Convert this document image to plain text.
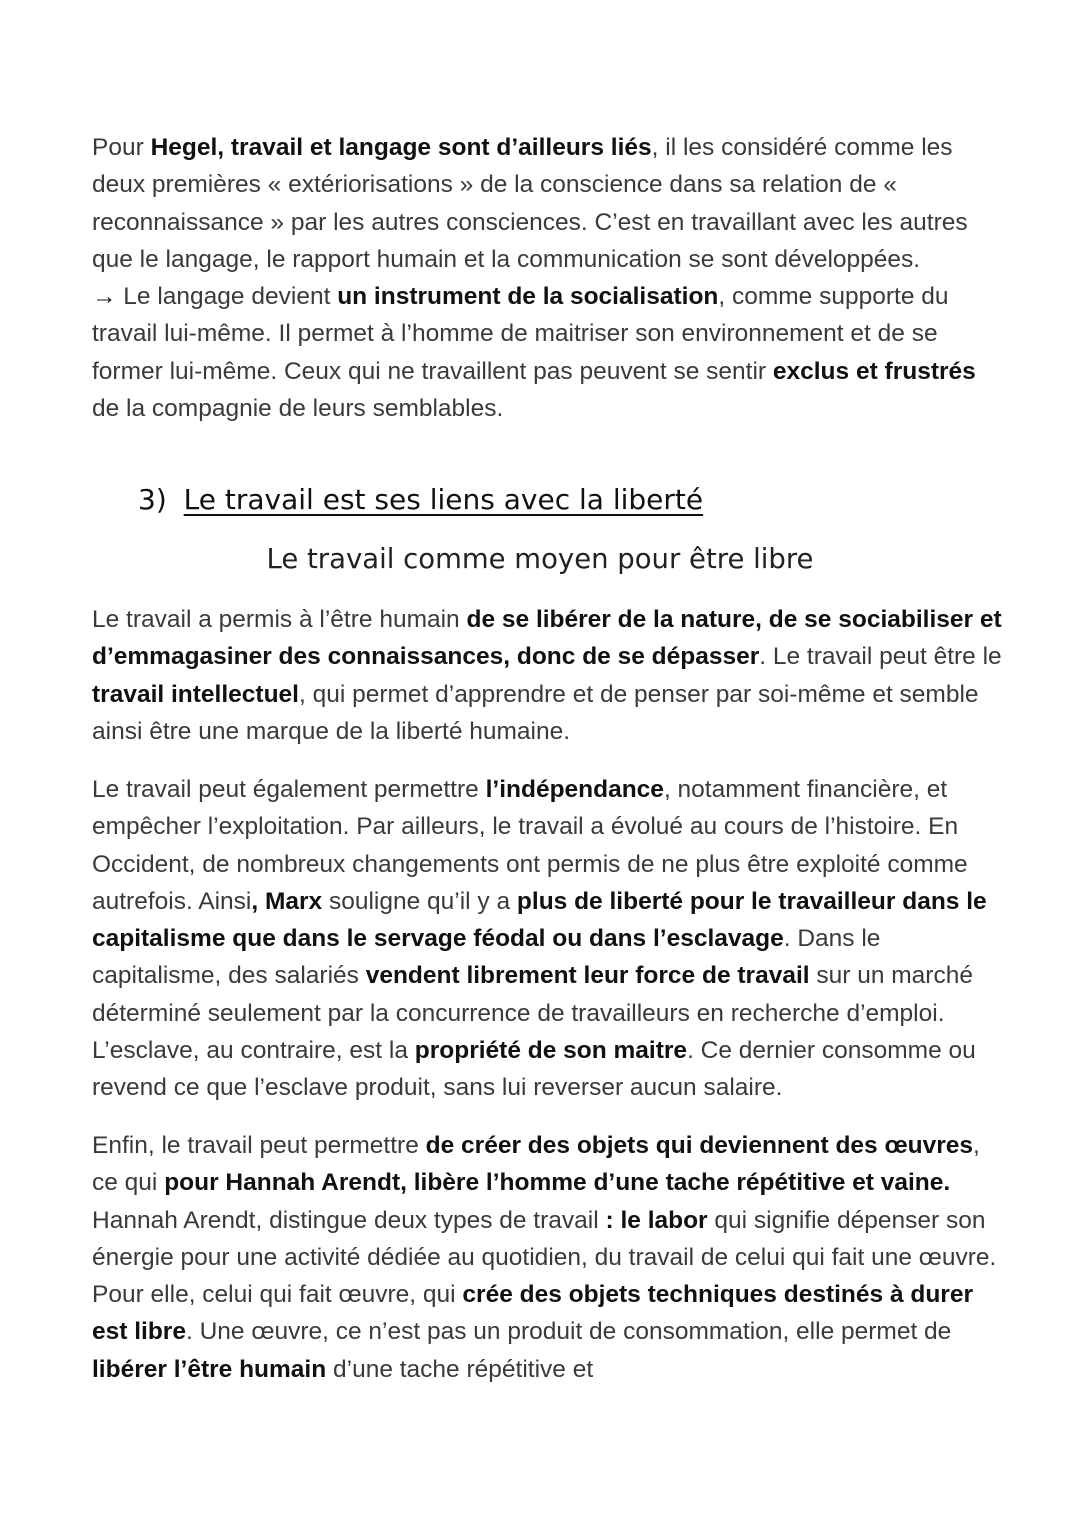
Pour Hegel, travail et langage sont d’ailleurs liés, il les considéré comme les deux premières « extériorisations » de la conscience dans sa relation de « reconnaissance » par les autres consciences. C’est en travaillant avec les autres que le langage, le rapport humain et la communication se sont développées.
→ Le langage devient un instrument de la socialisation, comme supporte du travail lui-même. Il permet à l’homme de maitriser son environnement et de se former lui-même. Ceux qui ne travaillent pas peuvent se sentir exclus et frustrés de la compagnie de leurs semblables.
3) Le travail est ses liens avec la liberté
Le travail comme moyen pour être libre
Le travail a permis à l’être humain de se libérer de la nature, de se sociabiliser et d’emmagasiner des connaissances, donc de se dépasser. Le travail peut être le travail intellectuel, qui permet d’apprendre et de penser par soi-même et semble ainsi être une marque de la liberté humaine.
Le travail peut également permettre l’indépendance, notamment financière, et empêcher l’exploitation. Par ailleurs, le travail a évolué au cours de l’histoire. En Occident, de nombreux changements ont permis de ne plus être exploité comme autrefois. Ainsi, Marx souligne qu’il y a plus de liberté pour le travailleur dans le capitalisme que dans le servage féodal ou dans l’esclavage. Dans le capitalisme, des salariés vendent librement leur force de travail sur un marché déterminé seulement par la concurrence de travailleurs en recherche d’emploi. L’esclave, au contraire, est la propriété de son maitre. Ce dernier consomme ou revend ce que l’esclave produit, sans lui reverser aucun salaire.
Enfin, le travail peut permettre de créer des objets qui deviennent des œuvres, ce qui pour Hannah Arendt, libère l’homme d’une tache répétitive et vaine. Hannah Arendt, distingue deux types de travail : le labor qui signifie dépenser son énergie pour une activité dédiée au quotidien, du travail de celui qui fait une œuvre. Pour elle, celui qui fait œuvre, qui crée des objets techniques destinés à durer est libre. Une œuvre, ce n’est pas un produit de consommation, elle permet de libérer l’être humain d’une tache répétitive et
